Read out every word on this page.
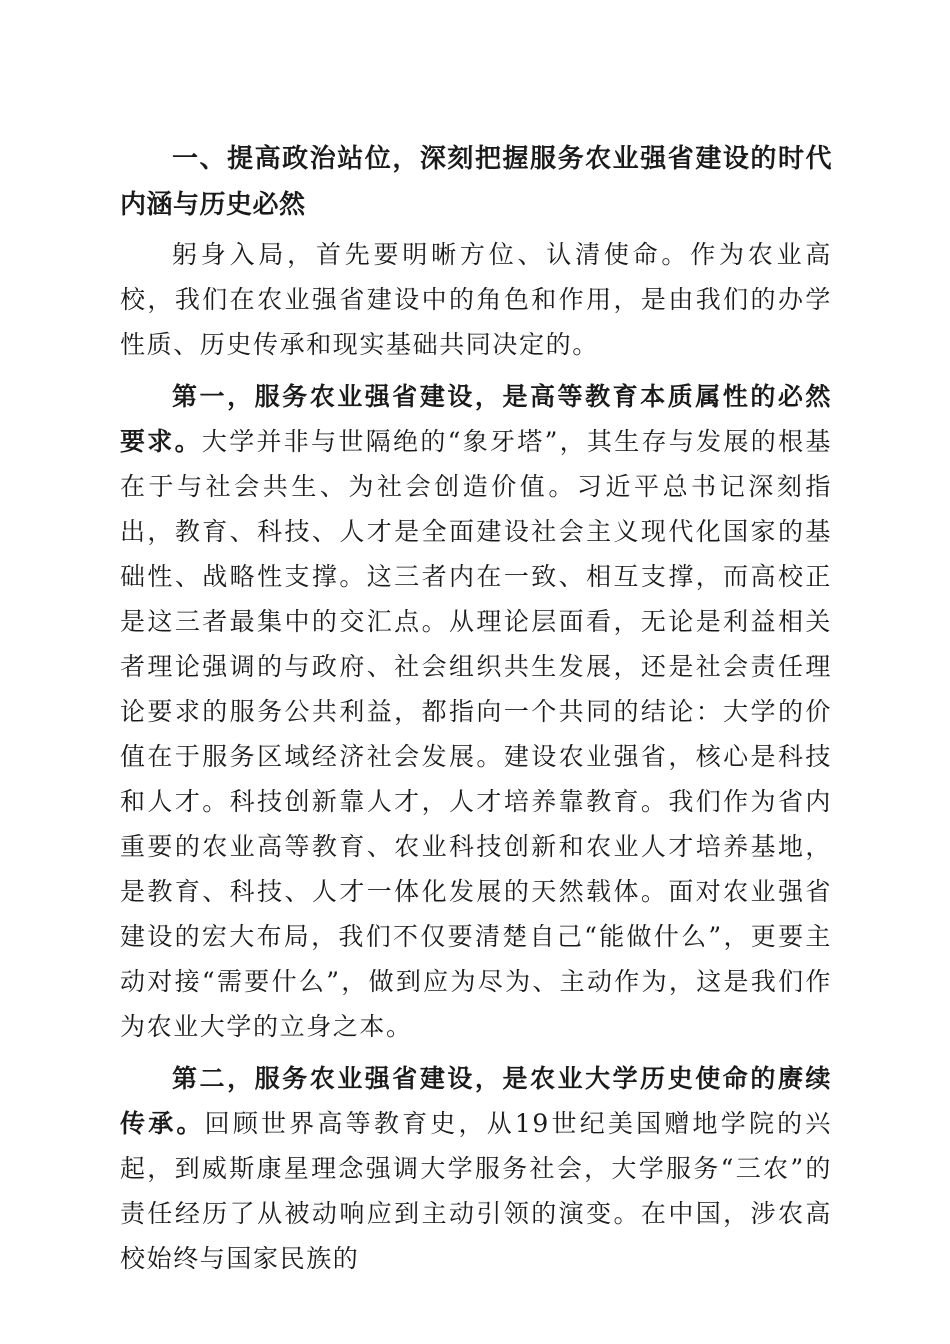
一、提高政治站位，深刻把握服务农业强省建设的时代内涵与历史必然

躬身入局，首先要明晰方位、认清使命。作为农业高校，我们在农业强省建设中的角色和作用，是由我们的办学性质、历史传承和现实基础共同决定的。

第一，服务农业强省建设，是高等教育本质属性的必然要求。大学并非与世隔绝的“象牙塔”，其生存与发展的根基在于与社会共生、为社会创造价值。习近平总书记深刻指出，教育、科技、人才是全面建设社会主义现代化国家的基础性、战略性支撑。这三者内在一致、相互支撑，而高校正是这三者最集中的交汇点。从理论层面看，无论是利益相关者理论强调的与政府、社会组织共生发展，还是社会责任理论要求的服务公共利益，都指向一个共同的结论：大学的价值在于服务区域经济社会发展。建设农业强省，核心是科技和人才。科技创新靠人才，人才培养靠教育。我们作为省内重要的农业高等教育、农业科技创新和农业人才培养基地，是教育、科技、人才一体化发展的天然载体。面对农业强省建设的宏大布局，我们不仅要清楚自己“能做什么”，更要主动对接“需要什么”，做到应为尽为、主动作为，这是我们作为农业大学的立身之本。

第二，服务农业强省建设，是农业大学历史使命的赓续传承。回顾世界高等教育史，从19世纪美国赠地学院的兴起，到威斯康星理念强调大学服务社会，大学服务“三农”的责任经历了从被动响应到主动引领的演变。在中国，涉农高校始终与国家民族的
